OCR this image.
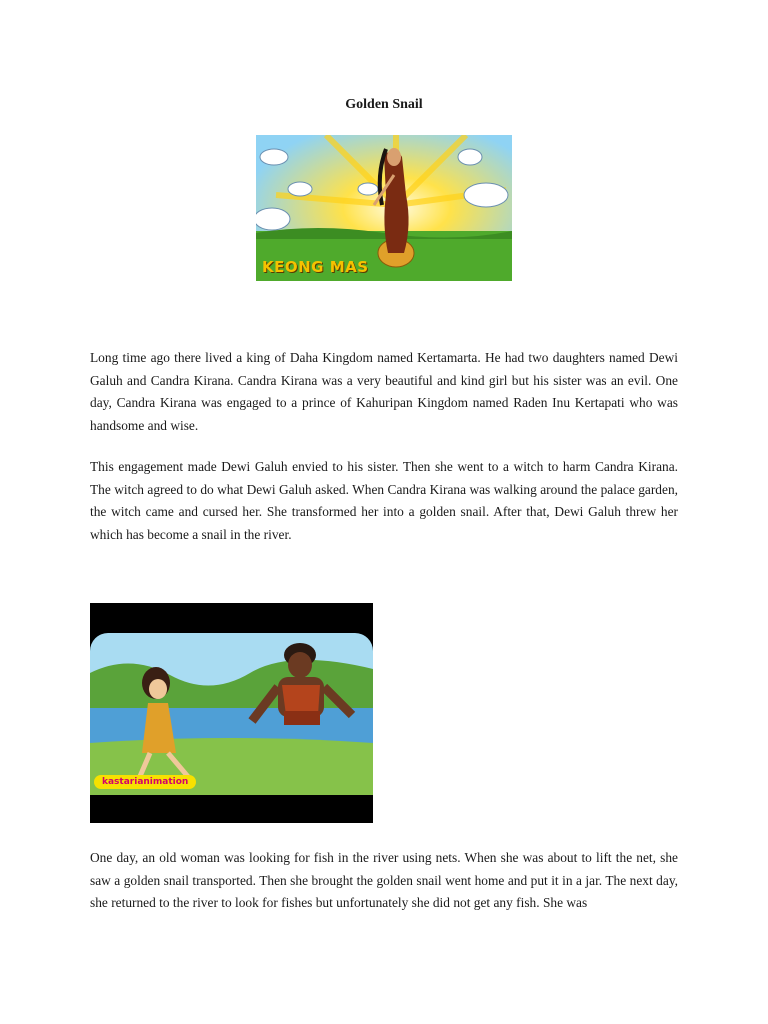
Golden Snail
KEONG MAS

Long time ago there lived a king of Daha Kingdom named Kertamarta. He had two daughters named Dewi Galuh and Candra Kirana. Candra Kirana was a very beautiful and kind girl but his sister was an evil. One day, Candra Kirana was engaged to a prince of Kahuripan Kingdom named Raden Inu Kertapati who was handsome and wise.

This engagement made Dewi Galuh envied to his sister. Then she went to a witch to harm Candra Kirana. The witch agreed to do what Dewi Galuh asked. When Candra Kirana was walking around the palace garden, the witch came and cursed her. She transformed her into a golden snail. After that, Dewi Galuh threw her which has become a snail in the river.

kastarianimation

One day, an old woman was looking for fish in the river using nets. When she was about to lift the net, she saw a golden snail transported. Then she brought the golden snail went home and put it in a jar. The next day, she returned to the river to look for fishes but unfortunately she did not get any fish. She was
